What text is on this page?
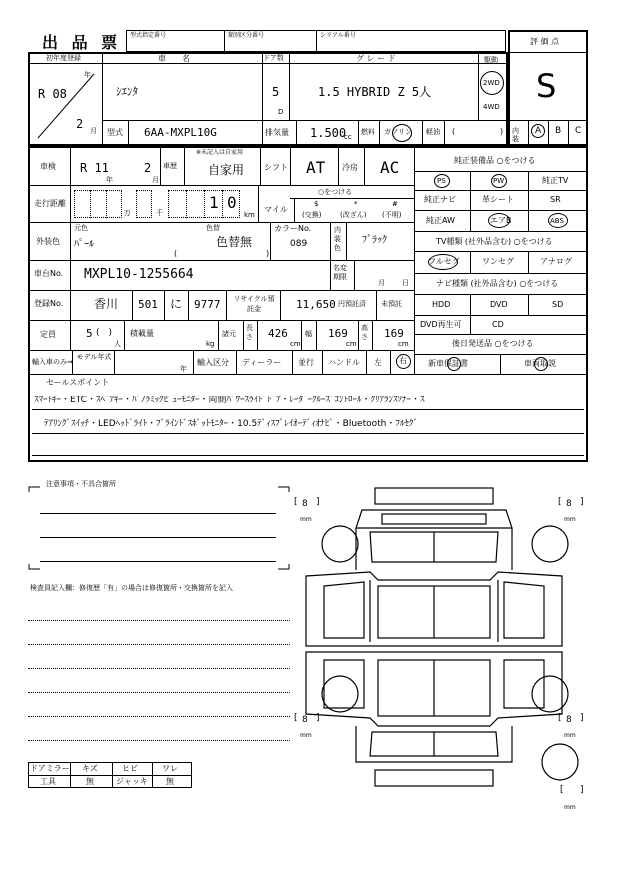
出 品 票 型式指定番号	類別区分番号	シリアル番号
評 価 点
S
内装
A B C
初年度登録
R 08
年
2 月
車　　名
ｼｴﾝﾀ
ドア数
5
D
グ レ ー ド
1.5 HYBRID Z 5人
駆動
2WD
4WD
型式 6AA-MXPL10G	排気量 1.500
cc
燃料 ガソリン 軽油 (	)
車検 R 11
年
2
月
車歴
※未記入は自家用
自家用 シフト AT 冷房 AC
走行距離
万	千
1 0
km
○をつける
マイル
$
(交換)
*
(改ざん)
#
(不明)
外装色
元色
ﾊﾟｰﾙ
色替
色替無
(	)
カラーNo.
089
内装色
ﾌﾞﾗｯｸ
車台No. MXPL10-1255664	名変期限
月 日
登録No.	香川 501 に 9777	リサイクル預託金	11,650 円預託済 未預託
定員	5 (　)
人
積載量
kg
諸元
長さ 426
cm
幅 169
cm
高さ 169
cm
輸入車のみ⇒
モデル年式
年
輸入区分 ディーラー 並行 ハンドル 左 右
純正装備品 ○をつける
PS	PW	純正TV
純正ナビ	革シート	SR
純正AW	エアB	ABS
TV種類 (社外品含む) ○をつける
フルセグ	ワンセグ	アナログ
ナビ種類 (社外品含む) ○をつける
HDD	DVD	SD
DVD再生可	CD
後日発送品 ○をつける
新車保証書	車両取説
セールスポイント
ｽﾏｰﾄｷｰ・ETC・ｽﾍﾟｱｷｰ・ﾊﾟﾉﾗﾐｯｸﾋﾞｭｰﾓﾆﾀｰ・両側ﾊﾟﾜｰｽﾗｲﾄﾞﾄﾞｱ・ﾚｰﾀﾞｰｸﾙｰｽﾞｺﾝﾄﾛｰﾙ・ｸﾘｱﾗﾝｽｿﾅｰ・ｽ
ﾃｱﾘﾝｸﾞｽｲｯﾁ・LEDﾍｯﾄﾞﾗｲﾄ・ﾌﾞﾗｲﾝﾄﾞｽﾎﾟｯﾄﾓﾆﾀｰ・10.5ﾃﾞｨｽﾌﾟﾚｲｵｰﾃﾞｨｵﾅﾋﾞ・Bluetooth・ﾌﾙｾｸﾞ
注意事項・不具合箇所
検査員記入欄：修復歴「有」の場合は修復箇所・交換箇所を記入
ドアミラー キズ	ヒビ	ワレ
工具	無	ジャッキ 無
[ 8 ]
mm
[ 8 ]
mm
[ 8 ]
mm
[ 8 ]
mm
[ ]
mm
